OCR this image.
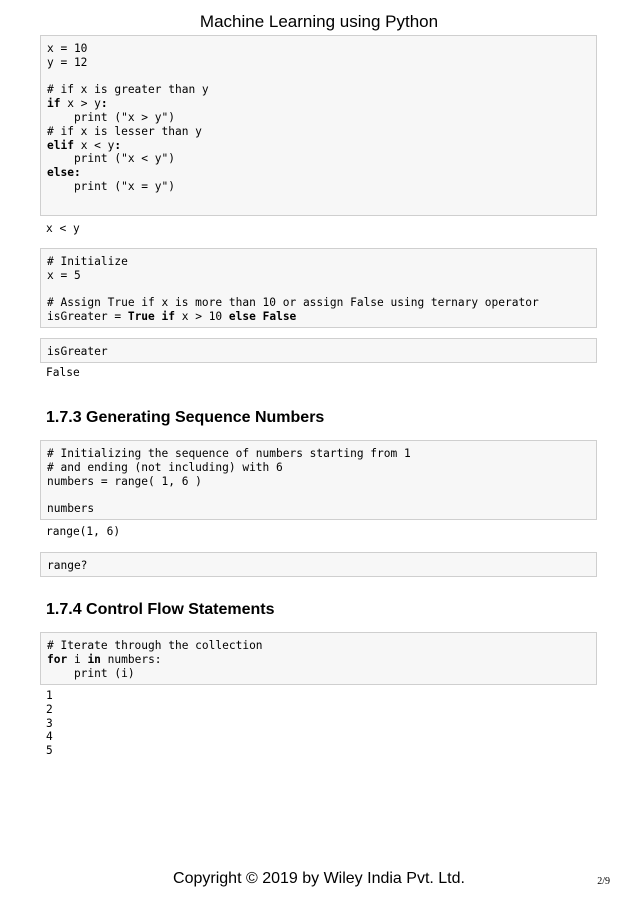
Machine Learning using Python
x = 10
y = 12
# if x is greater than y
if x > y:
print ("x > y")
# if x is lesser than y
elif x < y:
print ("x < y")
else:
print ("x = y")
x < y
# Initialize
x = 5
# Assign True if x is more than 10 or assign False using ternary operator
isGreater = True if x > 10 else False
isGreater
False
1.7.3 Generating Sequence Numbers
# Initializing the sequence of numbers starting from 1
# and ending (not including) with 6
numbers = range( 1, 6 )
numbers
range(1, 6)
range?
1.7.4 Control Flow Statements
# Iterate through the collection
for i in numbers:
print (i)
1
2
3
4
5
Copyright © 2019 by Wiley India Pvt. Ltd.	2/9
